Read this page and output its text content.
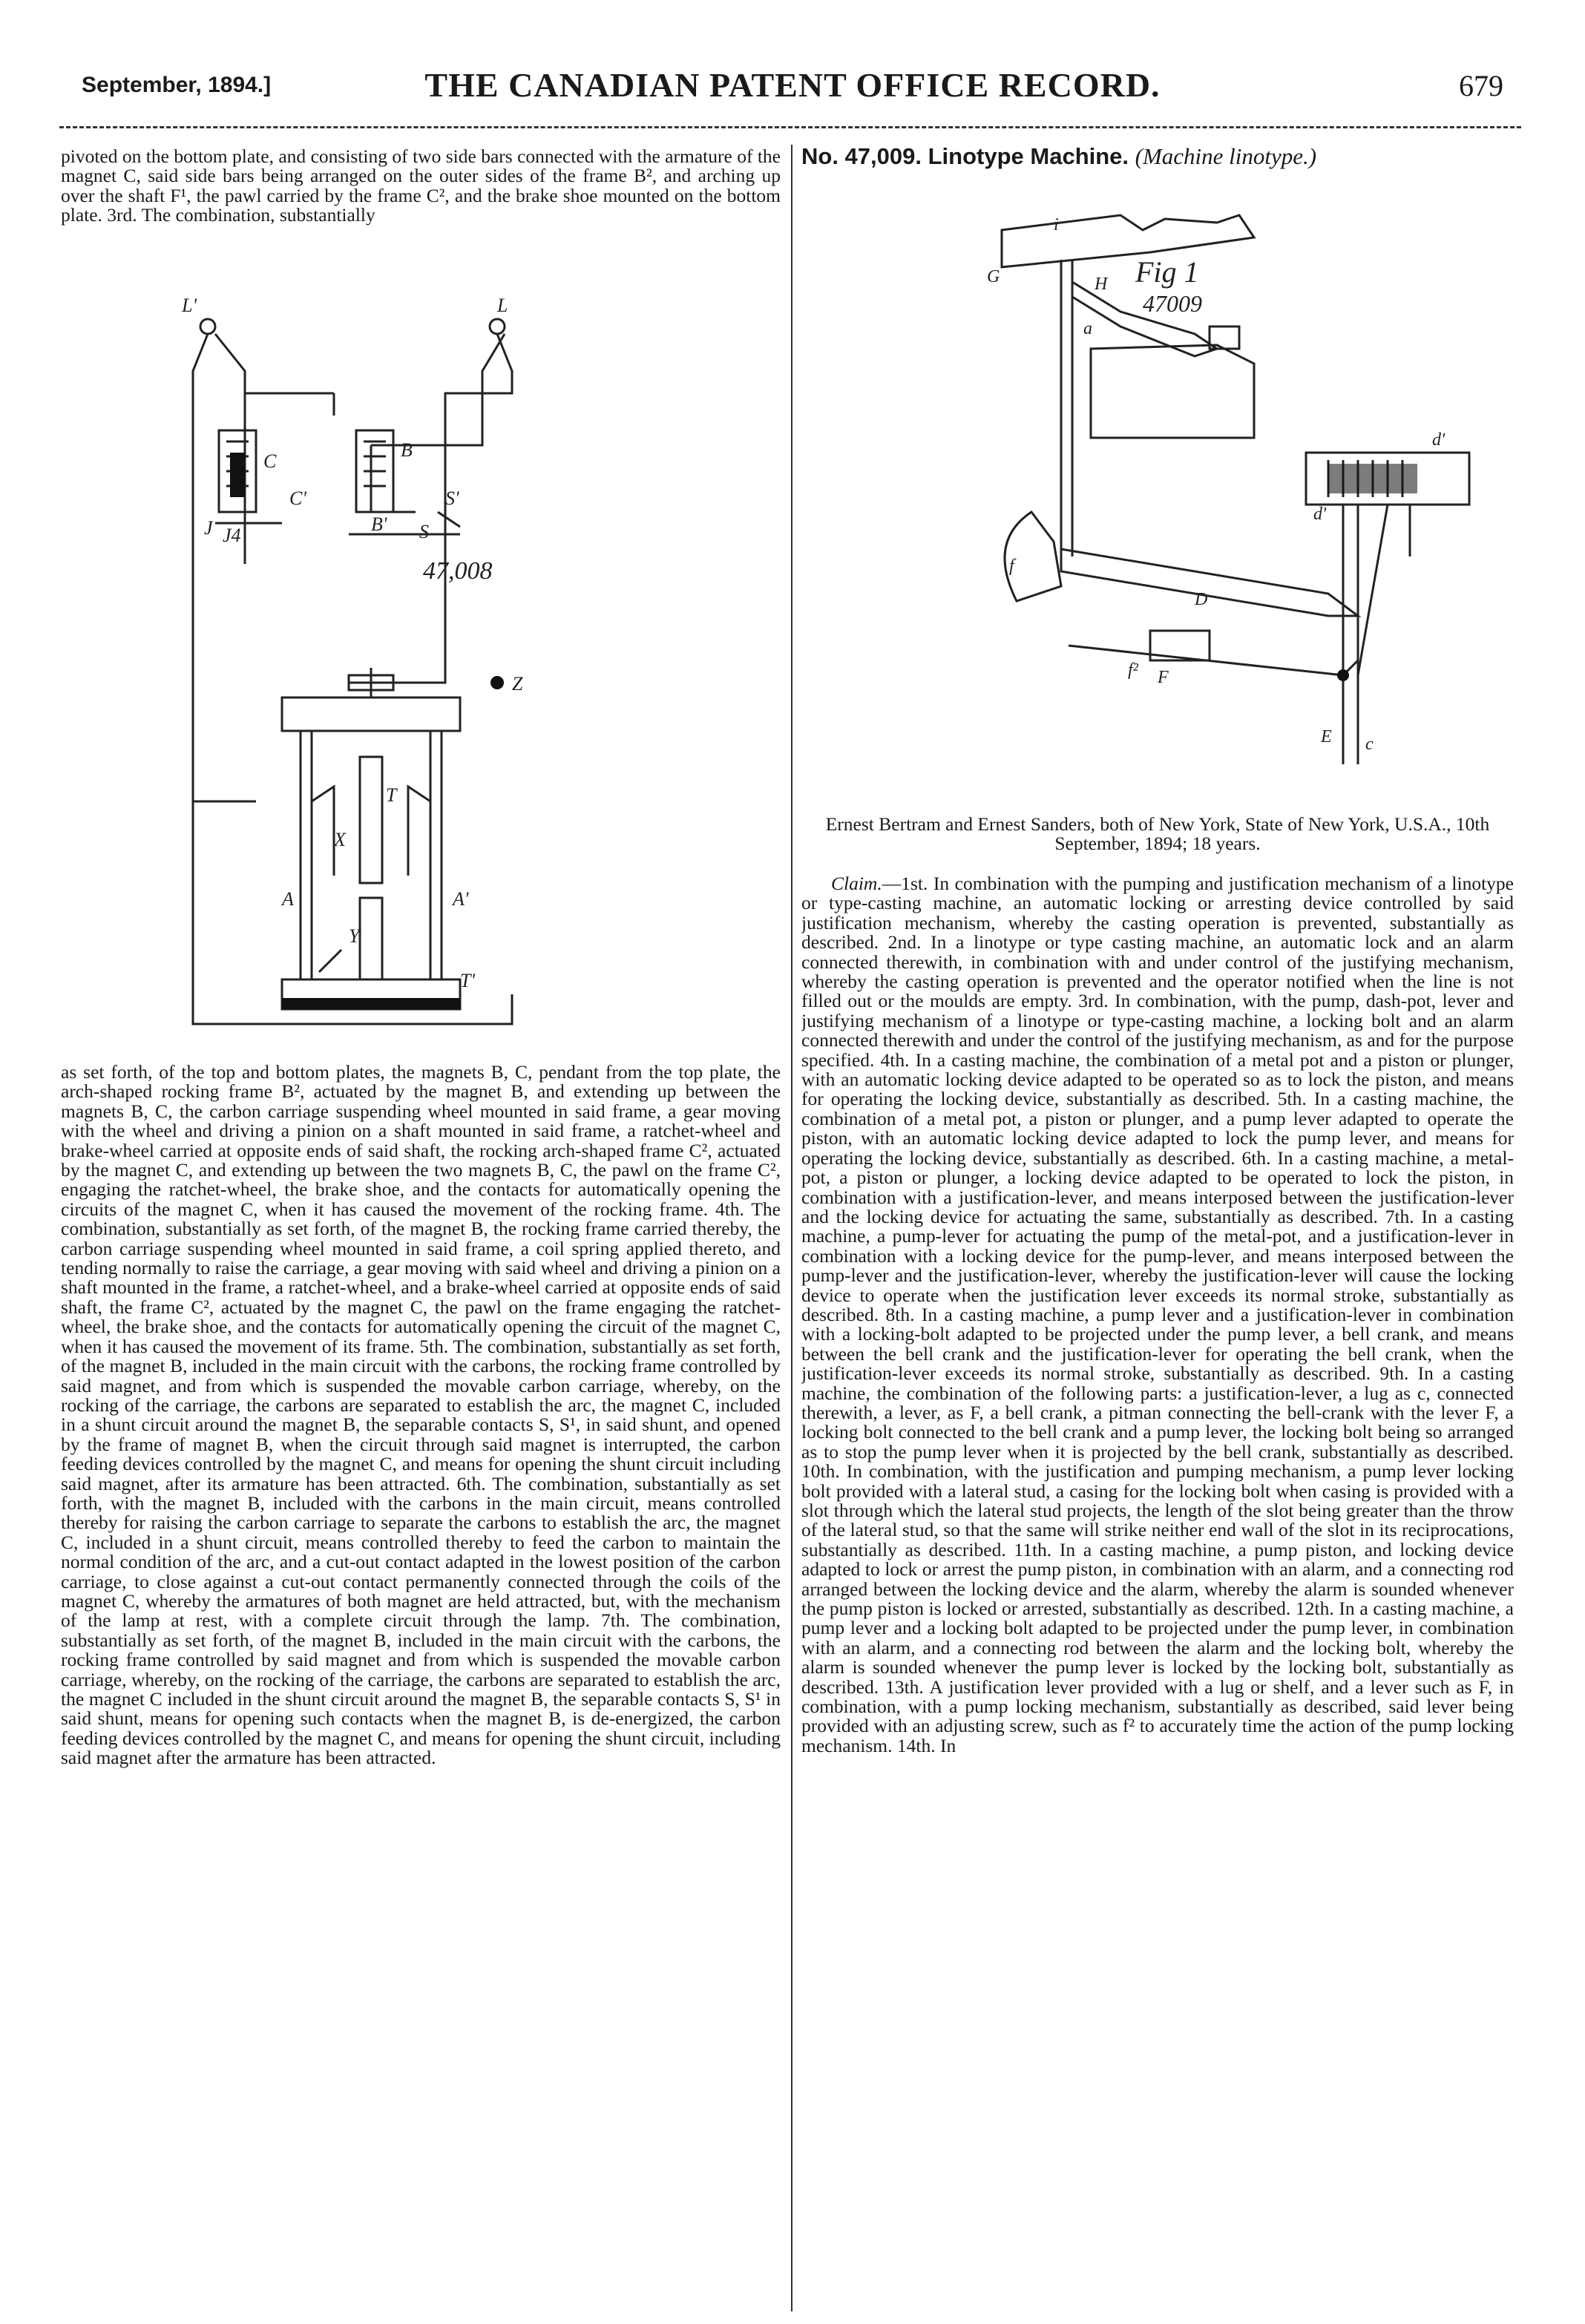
September, 1894.]	THE CANADIAN PATENT OFFICE RECORD.	679

pivoted on the bottom plate, and consisting of two side bars connected with the armature of the magnet C, said side bars being arranged on the outer sides of the frame B², and arching up over the shaft F¹, the pawl carried by the frame C², and the brake shoe mounted on the bottom plate. 3rd. The combination, substantially

L'	L
C
C'
B
B' S
S'
J J4
Z
T
T'
A	A'
X
Y
47,008

as set forth, of the top and bottom plates, the magnets B, C, pendant from the top plate, the arch-shaped rocking frame B², actuated by the magnet B, and extending up between the magnets B, C, the carbon carriage suspending wheel mounted in said frame, a gear moving with the wheel and driving a pinion on a shaft mounted in said frame, a ratchet-wheel and brake-wheel carried at opposite ends of said shaft, the rocking arch-shaped frame C², actuated by the magnet C, and extending up between the two magnets B, C, the pawl on the frame C², engaging the ratchet-wheel, the brake shoe, and the contacts for automatically opening the circuits of the magnet C, when it has caused the movement of the rocking frame. 4th. The combination, substantially as set forth, of the magnet B, the rocking frame carried thereby, the carbon carriage suspending wheel mounted in said frame, a coil spring applied thereto, and tending normally to raise the carriage, a gear moving with said wheel and driving a pinion on a shaft mounted in the frame, a ratchet-wheel, and a brake-wheel carried at opposite ends of said shaft, the frame C², actuated by the magnet C, the pawl on the frame engaging the ratchet-wheel, the brake shoe, and the contacts for automatically opening the circuit of the magnet C, when it has caused the movement of its frame. 5th. The combination, substantially as set forth, of the magnet B, included in the main circuit with the carbons, the rocking frame controlled by said magnet, and from which is suspended the movable carbon carriage, whereby, on the rocking of the carriage, the carbons are separated to establish the arc, the magnet C, included in a shunt circuit around the magnet B, the separable contacts S, S¹, in said shunt, and opened by the frame of magnet B, when the circuit through said magnet is interrupted, the carbon feeding devices controlled by the magnet C, and means for opening the shunt circuit including said magnet, after its armature has been attracted. 6th. The combination, substantially as set forth, with the magnet B, included with the carbons in the main circuit, means controlled thereby for raising the carbon carriage to separate the carbons to establish the arc, the magnet C, included in a shunt circuit, means controlled thereby to feed the carbon to maintain the normal condition of the arc, and a cut-out contact adapted in the lowest position of the carbon carriage, to close against a cut-out contact permanently connected through the coils of the magnet C, whereby the armatures of both magnet are held attracted, but, with the mechanism of the lamp at rest, with a complete circuit through the lamp. 7th. The combination, substantially as set forth, of the magnet B, included in the main circuit with the carbons, the rocking frame controlled by said magnet and from which is suspended the movable carbon carriage, whereby, on the rocking of the carriage, the carbons are separated to establish the arc, the magnet C included in the shunt circuit around the magnet B, the separable contacts S, S¹ in said shunt, means for opening such contacts when the magnet B, is de-energized, the carbon feeding devices controlled by the magnet C, and means for opening the shunt circuit, including said magnet after the armature has been attracted.

No. 47,009. Linotype Machine. (Machine linotype.)
i
G	H
a
d'
d'
D
f
f² F
E c
Fig 1
47009

Ernest Bertram and Ernest Sanders, both of New York, State of New York, U.S.A., 10th September, 1894; 18 years.

Claim.—1st. In combination with the pumping and justification mechanism of a linotype or type-casting machine, an automatic locking or arresting device controlled by said justification mechanism, whereby the casting operation is prevented, substantially as described. 2nd. In a linotype or type casting machine, an automatic lock and an alarm connected therewith, in combination with and under control of the justifying mechanism, whereby the casting operation is prevented and the operator notified when the line is not filled out or the moulds are empty. 3rd. In combination, with the pump, dash-pot, lever and justifying mechanism of a linotype or type-casting machine, a locking bolt and an alarm connected therewith and under the control of the justifying mechanism, as and for the purpose specified. 4th. In a casting machine, the combination of a metal pot and a piston or plunger, with an automatic locking device adapted to be operated so as to lock the piston, and means for operating the locking device, substantially as described. 5th. In a casting machine, the combination of a metal pot, a piston or plunger, and a pump lever adapted to operate the piston, with an automatic locking device adapted to lock the pump lever, and means for operating the locking device, substantially as described. 6th. In a casting machine, a metal-pot, a piston or plunger, a locking device adapted to be operated to lock the piston, in combination with a justification-lever, and means interposed between the justification-lever and the locking device for actuating the same, substantially as described. 7th. In a casting machine, a pump-lever for actuating the pump of the metal-pot, and a justification-lever in combination with a locking device for the pump-lever, and means interposed between the pump-lever and the justification-lever, whereby the justification-lever will cause the locking device to operate when the justification lever exceeds its normal stroke, substantially as described. 8th. In a casting machine, a pump lever and a justification-lever in combination with a locking-bolt adapted to be projected under the pump lever, a bell crank, and means between the bell crank and the justification-lever for operating the bell crank, when the justification-lever exceeds its normal stroke, substantially as described. 9th. In a casting machine, the combination of the following parts: a justification-lever, a lug as c, connected therewith, a lever, as F, a bell crank, a pitman connecting the bell-crank with the lever F, a locking bolt connected to the bell crank and a pump lever, the locking bolt being so arranged as to stop the pump lever when it is projected by the bell crank, substantially as described. 10th. In combination, with the justification and pumping mechanism, a pump lever locking bolt provided with a lateral stud, a casing for the locking bolt when casing is provided with a slot through which the lateral stud projects, the length of the slot being greater than the throw of the lateral stud, so that the same will strike neither end wall of the slot in its reciprocations, substantially as described. 11th. In a casting machine, a pump piston, and locking device adapted to lock or arrest the pump piston, in combination with an alarm, and a connecting rod arranged between the locking device and the alarm, whereby the alarm is sounded whenever the pump piston is locked or arrested, substantially as described. 12th. In a casting machine, a pump lever and a locking bolt adapted to be projected under the pump lever, in combination with an alarm, and a connecting rod between the alarm and the locking bolt, whereby the alarm is sounded whenever the pump lever is locked by the locking bolt, substantially as described. 13th. A justification lever provided with a lug or shelf, and a lever such as F, in combination, with a pump locking mechanism, substantially as described, said lever being provided with an adjusting screw, such as f² to accurately time the action of the pump locking mechanism. 14th. In
